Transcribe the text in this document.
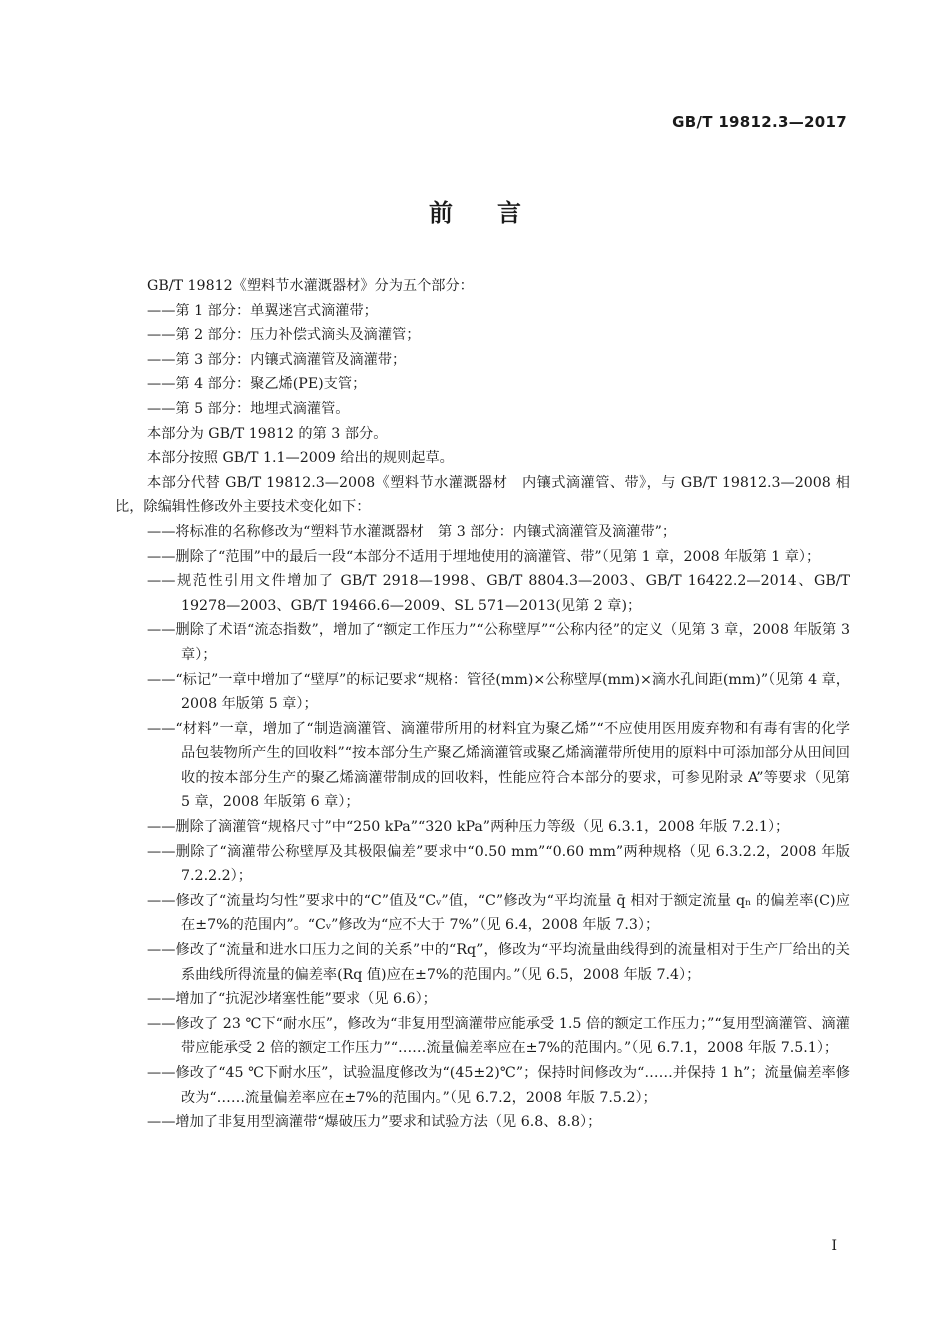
GB/T 19812.3—2017
前言

GB/T 19812《塑料节水灌溉器材》分为五个部分：

——第 1 部分：单翼迷宫式滴灌带；

——第 2 部分：压力补偿式滴头及滴灌管；

——第 3 部分：内镶式滴灌管及滴灌带；

——第 4 部分：聚乙烯(PE)支管；

——第 5 部分：地埋式滴灌管。

本部分为 GB/T 19812 的第 3 部分。

本部分按照 GB/T 1.1—2009 给出的规则起草。

本部分代替 GB/T 19812.3—2008《塑料节水灌溉器材　内镶式滴灌管、带》，与 GB/T 19812.3—2008 相比，除编辑性修改外主要技术变化如下：

——将标准的名称修改为“塑料节水灌溉器材　第 3 部分：内镶式滴灌管及滴灌带”；

——删除了“范围”中的最后一段“本部分不适用于埋地使用的滴灌管、带”（见第 1 章，2008 年版第 1 章）；

——规范性引用文件增加了 GB/T 2918—1998、GB/T 8804.3—2003、GB/T 16422.2—2014、GB/T 19278—2003、GB/T 19466.6—2009、SL 571—2013(见第 2 章)；

——删除了术语“流态指数”，增加了“额定工作压力”“公称壁厚”“公称内径”的定义（见第 3 章，2008 年版第 3 章）；

——“标记”一章中增加了“壁厚”的标记要求“规格：管径(mm)×公称壁厚(mm)×滴水孔间距(mm)”（见第 4 章，2008 年版第 5 章）；

——“材料”一章，增加了“制造滴灌管、滴灌带所用的材料宜为聚乙烯”“不应使用医用废弃物和有毒有害的化学品包装物所产生的回收料”“按本部分生产聚乙烯滴灌管或聚乙烯滴灌带所使用的原料中可添加部分从田间回收的按本部分生产的聚乙烯滴灌带制成的回收料，性能应符合本部分的要求，可参见附录 A”等要求（见第 5 章，2008 年版第 6 章）；

——删除了滴灌管“规格尺寸”中“250 kPa”“320 kPa”两种压力等级（见 6.3.1，2008 年版 7.2.1）；

——删除了“滴灌带公称壁厚及其极限偏差”要求中“0.50 mm”“0.60 mm”两种规格（见 6.3.2.2，2008 年版 7.2.2.2）；

——修改了“流量均匀性”要求中的“C”值及“Cᵥ”值，“C”修改为“平均流量 q̄ 相对于额定流量 qₙ 的偏差率(C)应在±7%的范围内”。“Cᵥ”修改为“应不大于 7%”（见 6.4，2008 年版 7.3）；

——修改了“流量和进水口压力之间的关系”中的“Rq”，修改为“平均流量曲线得到的流量相对于生产厂给出的关系曲线所得流量的偏差率(Rq 值)应在±7%的范围内。”（见 6.5，2008 年版 7.4）；

——增加了“抗泥沙堵塞性能”要求（见 6.6）；

——修改了 23 ℃下“耐水压”，修改为“非复用型滴灌带应能承受 1.5 倍的额定工作压力；”“复用型滴灌管、滴灌带应能承受 2 倍的额定工作压力”“……流量偏差率应在±7%的范围内。”（见 6.7.1，2008 年版 7.5.1）；

——修改了“45 ℃下耐水压”，试验温度修改为“(45±2)℃”；保持时间修改为“……并保持 1 h”；流量偏差率修改为“……流量偏差率应在±7%的范围内。”（见 6.7.2，2008 年版 7.5.2）；

——增加了非复用型滴灌带“爆破压力”要求和试验方法（见 6.8、8.8）；

I
